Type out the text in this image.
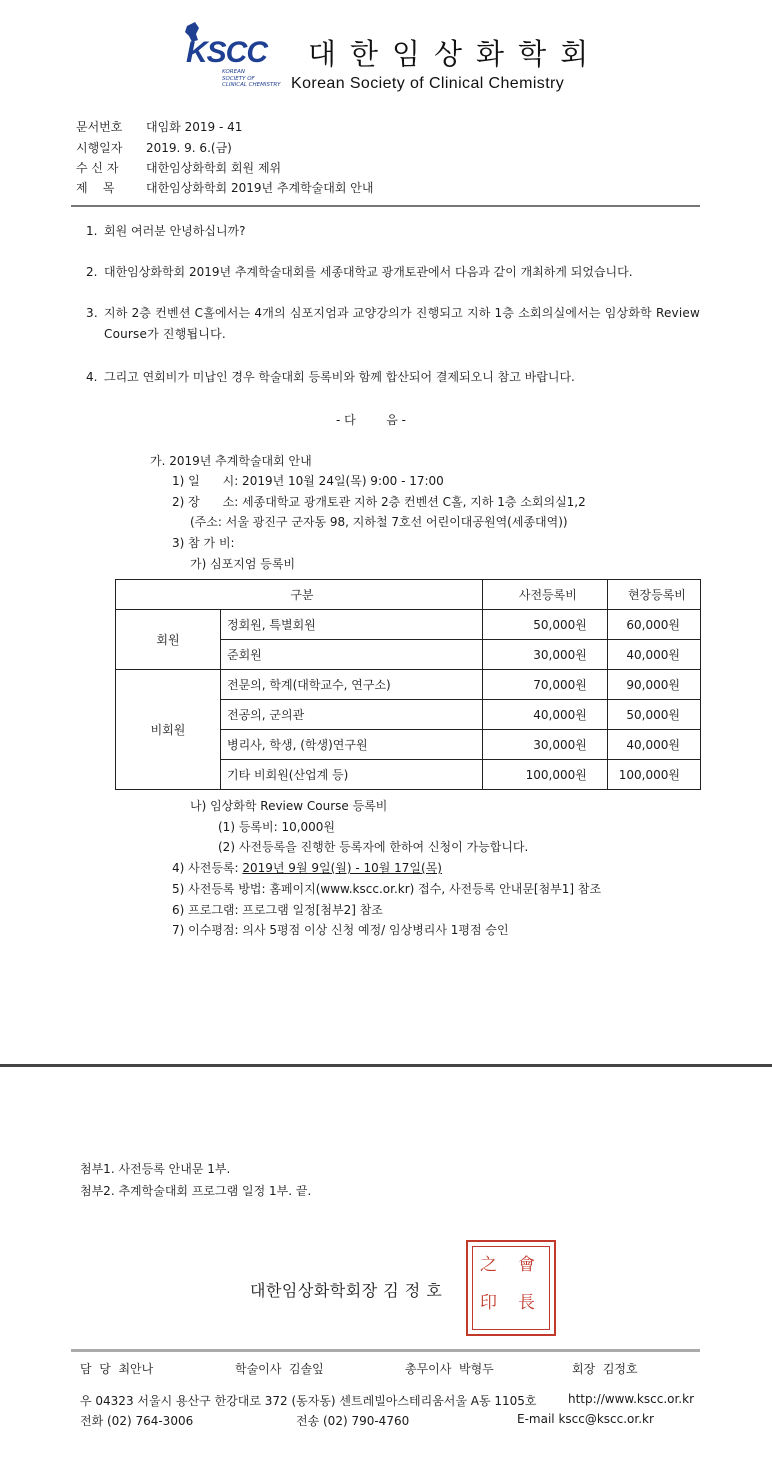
KSCC
KOREAN
SOCIETY OF
CLINICAL CHEMISTRY
대한임상화학회
Korean Society of Clinical Chemistry
문서번호 대임화 2019 - 41
시행일자 2019. 9. 6.(금)
수 신 자 대한임상화학회 회원 제위
제    목	대한임상화학회 2019년 추계학술대회 안내
1. 회원 여러분 안녕하십니까?
2. 대한임상화학회 2019년 추계학술대회를 세종대학교 광개토관에서 다음과 같이 개최하게 되었습니다.
3. 지하 2층 컨벤션 C홀에서는 4개의 심포지엄과 교양강의가 진행되고 지하 1층 소회의실에서는 임상화학 Review Course가 진행됩니다.
4. 그리고 연회비가 미납인 경우 학술대회 등록비와 함께 합산되어 결제되오니 참고 바랍니다.
- 다        음 -
가. 2019년 추계학술대회 안내
1) 일      시: 2019년 10월 24일(목) 9:00 - 17:00
2) 장      소: 세종대학교 광개토관 지하 2층 컨벤션 C홀, 지하 1층 소회의실1,2
(주소: 서울 광진구 군자동 98, 지하철 7호선 어린이대공원역(세종대역))
3) 참 가 비:
가) 심포지엄 등록비
구분		사전등록비	현장등록비
회원	정회원, 특별회원	50,000원	60,000원
	준회원	30,000원	40,000원
비회원	전문의, 학계(대학교수, 연구소)	70,000원	90,000원
	전공의, 군의관	40,000원	50,000원
	병리사, 학생, (학생)연구원	30,000원	40,000원
	기타 비회원(산업계 등)	100,000원	100,000원
나) 임상화학 Review Course 등록비
(1) 등록비: 10,000원
(2) 사전등록을 진행한 등록자에 한하여 신청이 가능합니다.
4) 사전등록: 2019년 9월 9일(월) - 10월 17일(목)
5) 사전등록 방법: 홈페이지(www.kscc.or.kr) 접수, 사전등록 안내문[첨부1] 참조
6) 프로그램: 프로그램 일정[첨부2] 참조
7) 이수평점: 의사 5평점 이상 신청 예정/ 임상병리사 1평점 승인
첨부1. 사전등록 안내문 1부.
첨부2. 추계학술대회 프로그램 일정 1부. 끝.
會
長
之
印
대한임상화학회장 김 정 호
담  당  최안나	학술이사  김솔잎	총무이사  박형두	회장  김정호
우 04323 서울시 용산구 한강대로 372 (동자동) 센트레빌아스테리움서울 A동 1105호	http://www.kscc.or.kr
전화 (02) 764-3006	전송 (02) 790-4760	E-mail kscc@kscc.or.kr
